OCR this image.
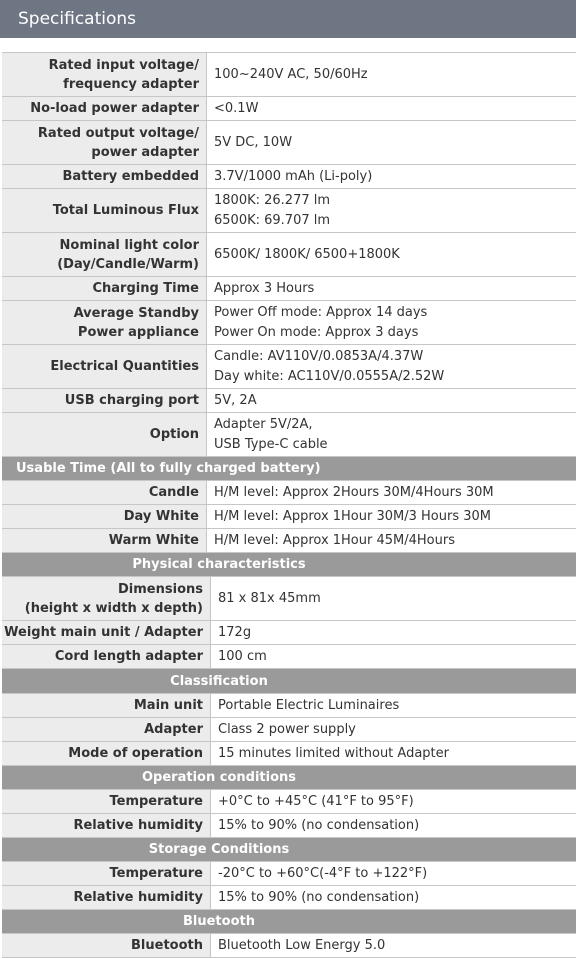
Specifications
Rated input voltage/
frequency adapter
100~240V AC, 50/60Hz
No-load power adapter <0.1W
Rated output voltage/
power adapter
5V DC, 10W
Battery embedded 3.7V/1000 mAh (Li-poly)
Total Luminous Flux
1800K: 26.277 lm
6500K: 69.707 lm
Nominal light color
(Day/Candle/Warm)
6500K/ 1800K/ 6500+1800K
Charging Time Approx 3 Hours
Average Standby
Power appliance
Power Off mode: Approx 14 days
Power On mode: Approx 3 days
Electrical Quantities
Candle: AV110V/0.0853A/4.37W
Day white: AC110V/0.0555A/2.52W
USB charging port 5V, 2A
Option
Adapter 5V/2A,
USB Type-C cable
Usable Time (All to fully charged battery)
Candle H/M level: Approx 2Hours 30M/4Hours 30M
Day White H/M level: Approx 1Hour 30M/3 Hours 30M
Warm White H/M level: Approx 1Hour 45M/4Hours
Physical characteristics
Dimensions
(height x width x depth)
81 x 81x 45mm
Weight main unit / Adapter 172g
Cord length adapter 100 cm
Classification
Main unit Portable Electric Luminaires
Adapter Class 2 power supply
Mode of operation 15 minutes limited without Adapter
Operation conditions
Temperature +0°C to +45°C (41°F to 95°F)
Relative humidity 15% to 90% (no condensation)
Storage Conditions
Temperature -20°C to +60°C(-4°F to +122°F)
Relative humidity 15% to 90% (no condensation)
Bluetooth
Bluetooth Bluetooth Low Energy 5.0
